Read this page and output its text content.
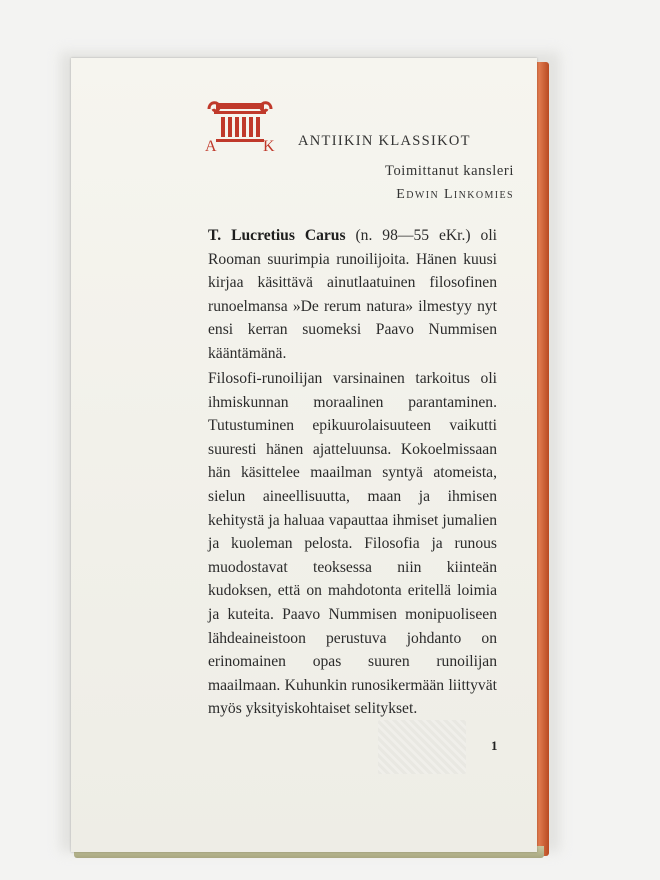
A	K ANTIIKIN KLASSIKOT
Toimittanut kansleri
Edwin Linkomies
T. Lucretius Carus (n. 98—55 eKr.) oli Rooman suurimpia runoilijoita. Hänen kuusi kirjaa käsittävä ainutlaatuinen filosofinen runoelmansa »De rerum natura» ilmestyy nyt ensi kerran suomeksi Paavo Nummisen kääntämänä.
Filosofi-runoilijan varsinainen tarkoitus oli ihmiskunnan moraalinen parantaminen. Tutustuminen epikuurolaisuuteen vaikutti suuresti hänen ajatteluunsa. Kokoelmissaan hän käsittelee maailman syntyä atomeista, sielun aineellisuutta, maan ja ihmisen kehitystä ja haluaa vapauttaa ihmiset jumalien ja kuoleman pelosta. Filosofia ja runous muodostavat teoksessa niin kiinteän kudoksen, että on mahdotonta eritellä loimia ja kuteita. Paavo Nummisen monipuoliseen lähdeaineistoon perustuva johdanto on erinomainen opas suuren runoilijan maailmaan. Kuhunkin runosikermään liittyvät myös yksityiskohtaiset selitykset.
1
